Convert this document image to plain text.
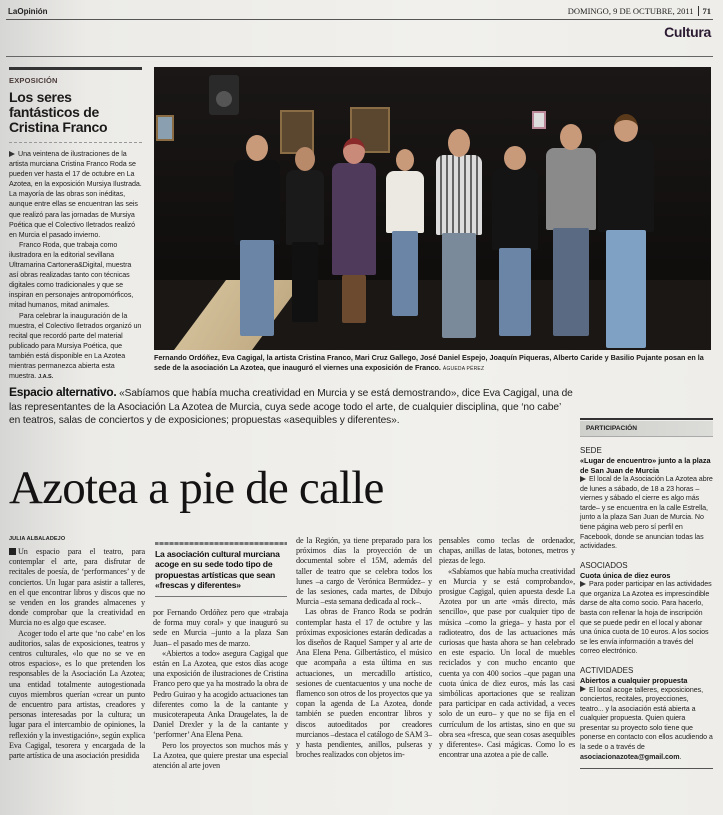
LaOpinión	DOMINGO, 9 DE OCTUBRE, 2011 71
Cultura
EXPOSICIÓN
Los seres fantásticos de Cristina Franco

Una veintena de ilustraciones de la artista murciana Cristina Franco Roda se pueden ver hasta el 17 de octubre en La Azotea, en la exposición Mursiya Ilustrada. La mayoría de las obras son inéditas, aunque entre ellas se encuentran las seis que realizó para las jornadas de Mursiya Poética que el Colectivo Iletrados realizó en Murcia el pasado invierno.

Franco Roda, que trabaja como ilustradora en la editorial sevillana Ultramarina Cartonera&Digital, muestra así obras realizadas tanto con técnicas digitales como tradicionales y que se inspiran en personajes antropomórficos, mitad humanos, mitad animales.

Para celebrar la inauguración de la muestra, el Colectivo Iletrados organizó un recital que recordó parte del material publicado para Mursiya Poética, que también está disponible en La Azotea mientras permanezca abierta esta muestra. J.A.S.

Fernando Ordóñez, Eva Cagigal, la artista Cristina Franco, Mari Cruz Gallego, José Daniel Espejo, Joaquín Piqueras, Alberto Caride y Basilio Pujante posan en la sede de la asociación La Azotea, que inauguró el viernes una exposición de Franco. ÁGUEDA PÉREZ
Espacio alternativo. «Sabíamos que había mucha creatividad en Murcia y se está demostrando», dice Eva Cagigal, una de las representantes de la Asociación La Azotea de Murcia, cuya sede acoge todo el arte, de cualquier disciplina, que ‘no cabe’ en teatros, salas de conciertos y de exposiciones; propuestas «asequibles y diferentes».
Azotea a pie de calle
JULIA ALBALADEJO

Un espacio para el teatro, para contemplar el arte, para disfrutar de recitales de poesía, de ‘performances’ y de conciertos. Un lugar para asistir a talleres, en el que encontrar libros y discos que no se venden en los grandes almacenes y donde comprobar que la creatividad en Murcia no es algo que escasee.

Acoger todo el arte que ‘no cabe’ en los auditorios, salas de exposiciones, teatros y centros culturales, «lo que no se ve en otros espacios», es lo que pretenden los responsables de la Asociación La Azotea; una entidad totalmente autogestionada cuyos miembros querían «crear un punto de encuentro para artistas, creadores y personas interesadas por la cultura; un lugar para el intercambio de opiniones, la reflexión y la investigación», según explica Eva Cagigal, tesorera y encargada de la parte artística de una asociación presidida

La asociación cultural murciana acoge en su sede todo tipo de propuestas artísticas que sean «frescas y diferentes»

por Fernando Ordóñez pero que «trabaja de forma muy coral» y que inauguró su sede en Murcia –junto a la plaza San Juan– el pasado mes de marzo.

«Abiertos a todo» asegura Cagigal que están en La Azotea, que estos días acoge una exposición de ilustraciones de Cristina Franco pero que ya ha mostrado la obra de Pedro Guirao y ha acogido actuaciones tan diferentes como la de la cantante y musicoterapeuta Anka Draugelates, la de Daniel Drexler y la de la cantante y ‘performer’ Ana Elena Pena.

Pero los proyectos son muchos más y La Azotea, que quiere prestar una especial atención al arte joven

de la Región, ya tiene preparado para los próximos días la proyección de un documental sobre el 15M, además del taller de teatro que se celebra todos los lunes –a cargo de Verónica Bermúdez– y de las sesiones, cada martes, de Dibujo Murcia –esta semana dedicada al rock–.

Las obras de Franco Roda se podrán contemplar hasta el 17 de octubre y las próximas exposiciones estarán dedicadas a los diseños de Raquel Samper y al arte de Ana Elena Pena. Gilbertástico, el músico que acompaña a esta última en sus actuaciones, un mercadillo artístico, sesiones de cuentacuentos y una noche de flamenco son otros de los proyectos que ya copan la agenda de La Azotea, donde también se pueden encontrar libros y discos autoeditados por creadores murcianos –destaca el catálogo de SAM 3– y hasta pendientes, anillos, pulseras y broches realizados con objetos im-

pensables como teclas de ordenador, chapas, anillas de latas, botones, metros y piezas de lego.

«Sabíamos que había mucha creatividad en Murcia y se está comprobando», prosigue Cagigal, quien apuesta desde La Azotea por un arte «más directo, más sencillo», que pase por cualquier tipo de música –como la griega– y hasta por el radioteatro, dos de las actuaciones más curiosas que hasta ahora se han celebrado en este espacio. Un local de muebles reciclados y con mucho encanto que cuenta ya con 400 socios –que pagan una cuota única de diez euros, más las casi simbólicas aportaciones que se realizan para participar en cada actividad, a veces solo de un euro– y que no se fija en el currículum de los artistas, sino en que su obra sea «fresca, que sean cosas asequibles y diferentes». Casi mágicas. Como lo es encontrar una azotea a pie de calle.

PARTICIPACIÓN
SEDE
«Lugar de encuentro» junto a la plaza de San Juan de Murcia
El local de la Asociación La Azotea abre de lunes a sábado, de 18 a 23 horas –viernes y sábado el cierre es algo más tarde– y se encuentra en la calle Estrella, junto a la plaza San Juan de Murcia. No tiene página web pero sí perfil en Facebook, donde se anuncian todas las actividades.
ASOCIADOS
Cuota única de diez euros
Para poder participar en las actividades que organiza La Azotea es imprescindible darse de alta como socio. Para hacerlo, basta con rellenar la hoja de inscripción que se puede pedir en el local y abonar una única cuota de 10 euros. A los socios se les envía información a través del correo electrónico.
ACTIVIDADES
Abiertos a cualquier propuesta
El local acoge talleres, exposiciones, conciertos, recitales, proyecciones, teatro... y la asociación está abierta a cualquier propuesta. Quien quiera presentar su proyecto solo tiene que ponerse en contacto con ellos acudiendo a la sede o a través de asociacionazotea@gmail.com.
